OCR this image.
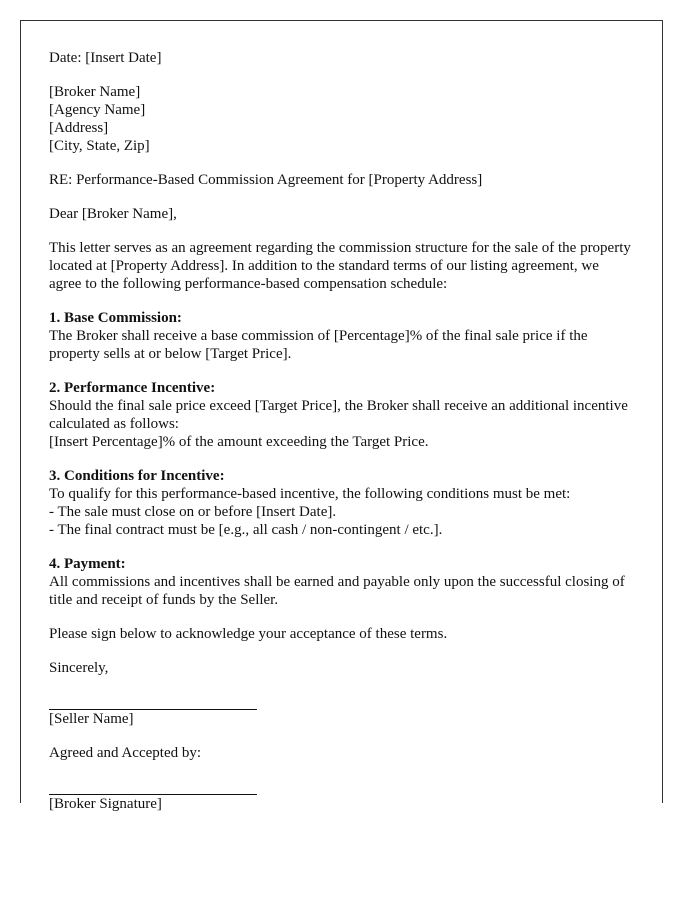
Date: [Insert Date]

[Broker Name]
[Agency Name]
[Address]
[City, State, Zip]

RE: Performance-Based Commission Agreement for [Property Address]

Dear [Broker Name],

This letter serves as an agreement regarding the commission structure for the sale of the property located at [Property Address]. In addition to the standard terms of our listing agreement, we agree to the following performance-based compensation schedule:

1. Base Commission:
The Broker shall receive a base commission of [Percentage]% of the final sale price if the property sells at or below [Target Price].

2. Performance Incentive:
Should the final sale price exceed [Target Price], the Broker shall receive an additional incentive calculated as follows:
[Insert Percentage]% of the amount exceeding the Target Price.

3. Conditions for Incentive:
To qualify for this performance-based incentive, the following conditions must be met:
- The sale must close on or before [Insert Date].
- The final contract must be [e.g., all cash / non-contingent / etc.].

4. Payment:
All commissions and incentives shall be earned and payable only upon the successful closing of title and receipt of funds by the Seller.

Please sign below to acknowledge your acceptance of these terms.

Sincerely,

[Seller Name]

Agreed and Accepted by:

[Broker Signature]
